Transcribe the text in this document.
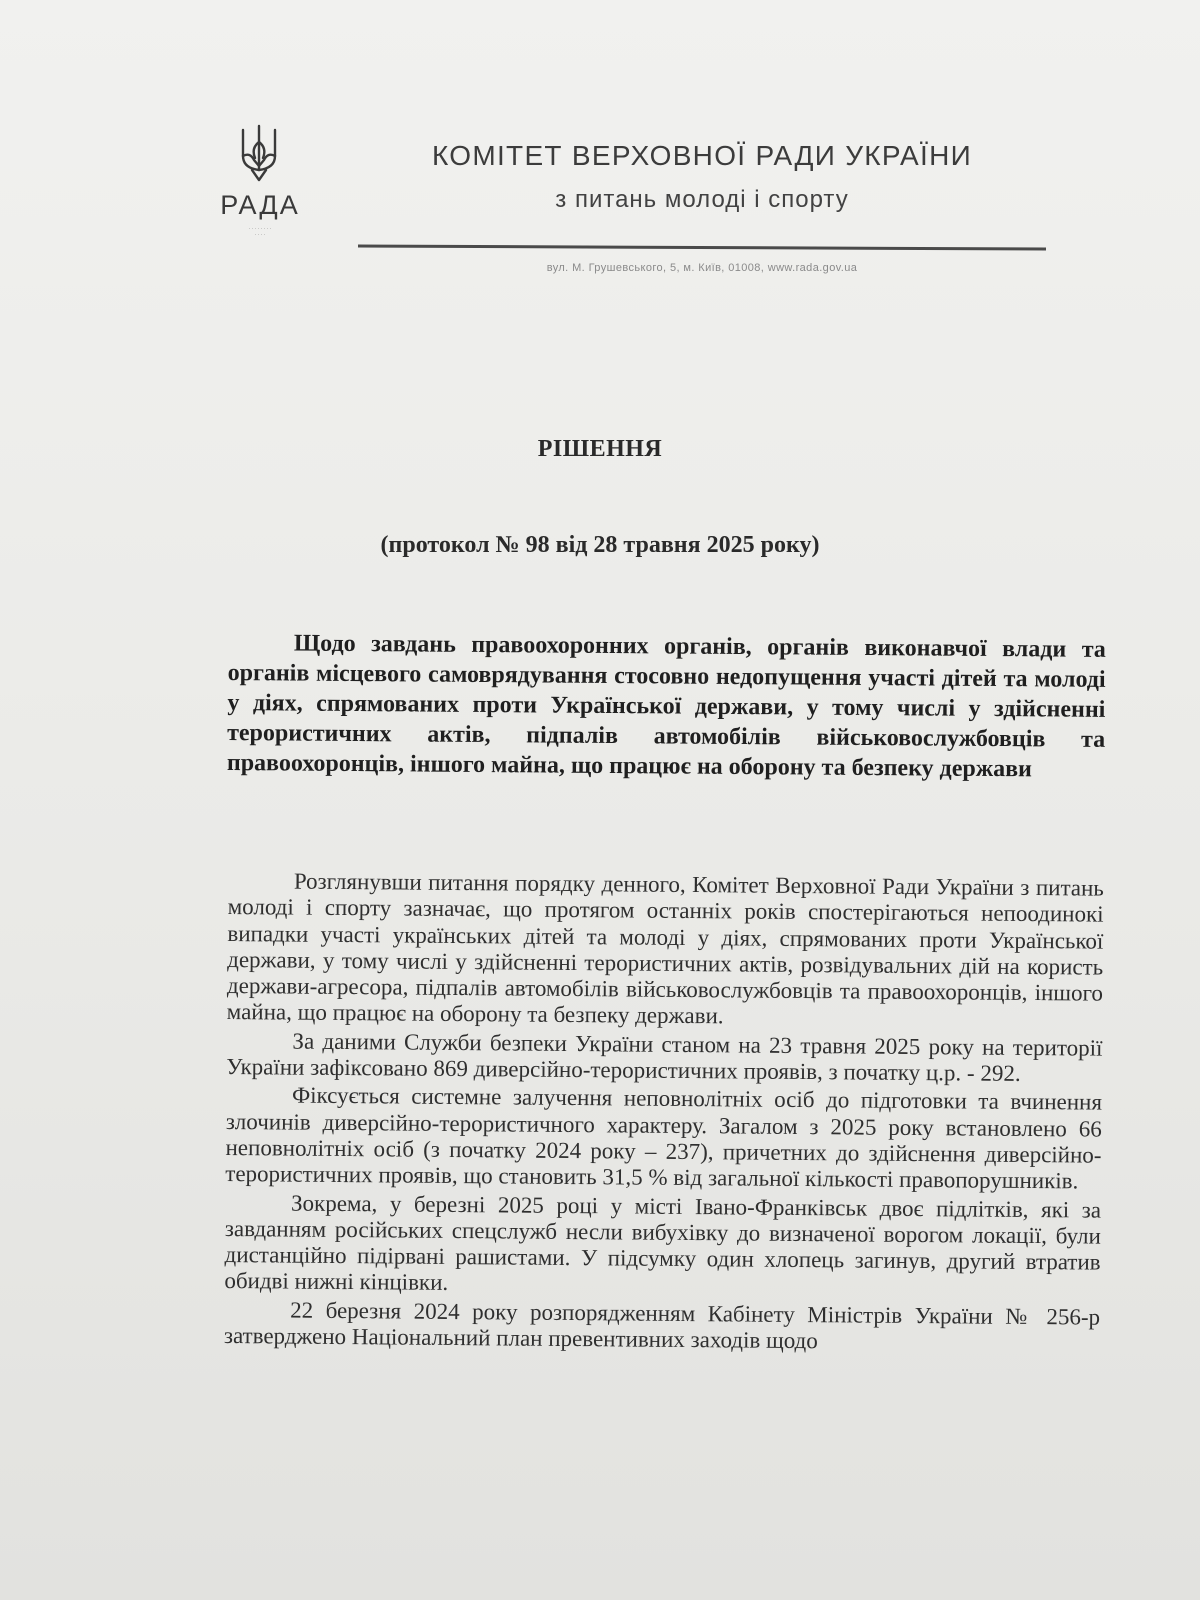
РАДА
· · · · · · · ·
· · · ·
КОМІТЕТ ВЕРХОВНОЇ РАДИ УКРАЇНИ
з питань молоді і спорту
вул. М. Грушевського, 5, м. Київ, 01008, www.rada.gov.ua
РІШЕННЯ
(протокол № 98 від 28 травня 2025 року)
Щодо завдань правоохоронних органів, органів виконавчої влади та органів місцевого самоврядування стосовно недопущення участі дітей та молоді у діях, спрямованих проти Української держави, у тому числі у здійсненні терористичних актів, підпалів автомобілів військовослужбовців та правоохоронців, іншого майна, що працює на оборону та безпеку держави

Розглянувши питання порядку денного, Комітет Верховної Ради України з питань молоді і спорту зазначає, що протягом останніх років спостерігаються непоодинокі випадки участі українських дітей та молоді у діях, спрямованих проти Української держави, у тому числі у здійсненні терористичних актів, розвідувальних дій на користь держави-агресора, підпалів автомобілів військовослужбовців та правоохоронців, іншого майна, що працює на оборону та безпеку держави.

За даними Служби безпеки України станом на 23 травня 2025 року на території України зафіксовано 869 диверсійно-терористичних проявів, з початку ц.р. - 292.

Фіксується системне залучення неповнолітніх осіб до підготовки та вчинення злочинів диверсійно-терористичного характеру. Загалом з 2025 року встановлено 66 неповнолітніх осіб (з початку 2024 року – 237), причетних до здійснення диверсійно-терористичних проявів, що становить 31,5 % від загальної кількості правопорушників.

Зокрема, у березні 2025 році у місті Івано-Франківськ двоє підлітків, які за завданням російських спецслужб несли вибухівку до визначеної ворогом локації, були дистанційно підірвані рашистами. У підсумку один хлопець загинув, другий втратив обидві нижні кінцівки.

22 березня 2024 року розпорядженням Кабінету Міністрів України № 256-р затверджено Національний план превентивних заходів щодо
